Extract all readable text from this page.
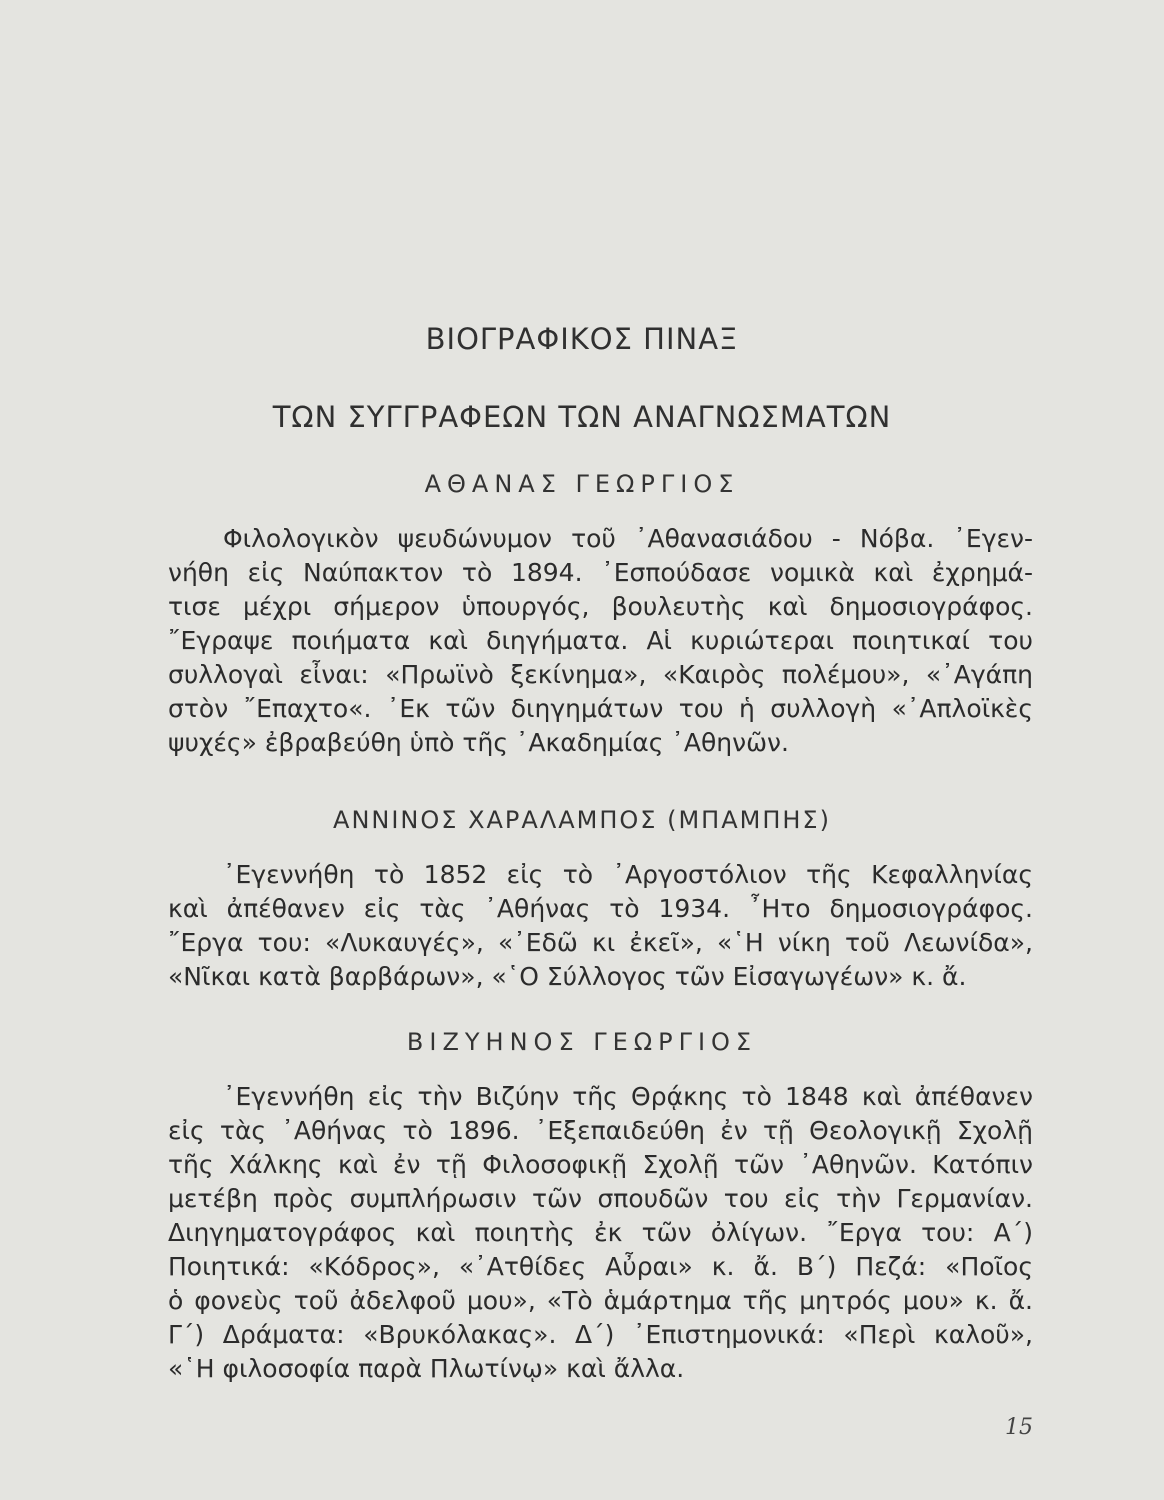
ΒΙΟΓΡΑΦΙΚΟΣ ΠΙΝΑΞ
ΤΩΝ ΣΥΓΓΡΑΦΕΩΝ ΤΩΝ ΑΝΑΓΝΩΣΜΑΤΩΝ
ΑΘΑΝΑΣ ΓΕΩΡΓΙΟΣ
Φιλολογικὸν ψευδώνυμον τοῦ ᾿Αθανασιάδου - Νόβα. ᾿Εγεν-
νήθη εἰς Ναύπακτον τὸ 1894. ᾿Εσπούδασε νομικὰ καὶ ἐχρημά-
τισε μέχρι σήμερον ὑπουργός, βουλευτὴς καὶ δημοσιογράφος.
῎Εγραψε ποιήματα καὶ διηγήματα. Αἱ κυριώτεραι ποιητικαί του
συλλογαὶ εἶναι: «Πρωϊνὸ ξεκίνημα», «Καιρὸς πολέμου», «᾿Αγάπη
στὸν ῎Επαχτο«. ᾿Εκ τῶν διηγημάτων του ἡ συλλογὴ «᾿Απλοϊκὲς
ψυχές» ἐβραβεύθη ὑπὸ τῆς ᾿Ακαδημίας ᾿Αθηνῶν.
ΑΝΝΙΝΟΣ ΧΑΡΑΛΑΜΠΟΣ (ΜΠΑΜΠΗΣ)
᾿Εγεννήθη τὸ 1852 εἰς τὸ ᾿Αργοστόλιον τῆς Κεφαλληνίας
καὶ ἀπέθανεν εἰς τὰς ᾿Αθήνας τὸ 1934. ῏Ητο δημοσιογράφος.
῎Εργα του: «Λυκαυγές», «᾿Εδῶ κι ἐκεῖ», «῾Η νίκη τοῦ Λεωνίδα»,
«Νῖκαι κατὰ βαρβάρων», «῾Ο Σύλλογος τῶν Εἰσαγωγέων» κ. ἄ.
ΒΙΖΥΗΝΟΣ ΓΕΩΡΓΙΟΣ
᾿Εγεννήθη εἰς τὴν Βιζύην τῆς Θρᾴκης τὸ 1848 καὶ ἀπέθανεν
εἰς τὰς ᾿Αθήνας τὸ 1896. ᾿Εξεπαιδεύθη ἐν τῇ Θεολογικῇ Σχολῇ
τῆς Χάλκης καὶ ἐν τῇ Φιλοσοφικῇ Σχολῇ τῶν ᾿Αθηνῶν. Κατόπιν
μετέβη πρὸς συμπλήρωσιν τῶν σπουδῶν του εἰς τὴν Γερμανίαν.
Διηγηματογράφος καὶ ποιητὴς ἐκ τῶν ὀλίγων. ῎Εργα του: Α΄)
Ποιητικά: «Κόδρος», «᾿Ατθίδες Αὖραι» κ. ἄ. Β΄) Πεζά: «Ποῖος
ὁ φονεὺς τοῦ ἀδελφοῦ μου», «Τὸ ἁμάρτημα τῆς μητρός μου» κ. ἄ.
Γ΄) Δράματα: «Βρυκόλακας». Δ΄) ᾿Επιστημονικά: «Περὶ καλοῦ»,
«῾Η φιλοσοφία παρὰ Πλωτίνῳ» καὶ ἄλλα.
15
